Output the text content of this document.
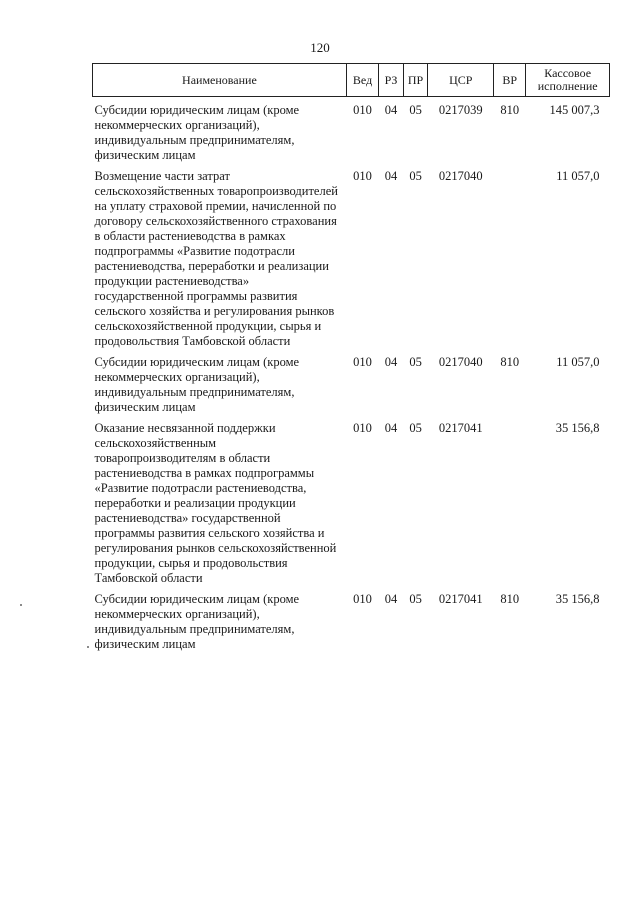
120
Наименование	Вед	РЗ	ПР	ЦСР	ВР	Кассовое исполнение

Субсидии юридическим лицам (кроме некоммерческих организаций), индивидуальным предпринимателям, физическим лицам	010	04	05	0217039	810	145 007,3

Возмещение части затрат сельскохозяйственных товаропроизводителей на уплату страховой премии, начисленной по договору сельскохозяйственного страхования в области растениеводства в рамках подпрограммы «Развитие подотрасли растениеводства, переработки и реализации продукции растениеводства» государственной программы развития сельского хозяйства и регулирования рынков сельскохозяйственной продукции, сырья и продовольствия Тамбовской области	010	04	05	0217040		11 057,0

Субсидии юридическим лицам (кроме некоммерческих организаций), индивидуальным предпринимателям, физическим лицам	010	04	05	0217040	810	11 057,0

Оказание несвязанной поддержки сельскохозяйственным товаропроизводителям в области растениеводства в рамках подпрограммы «Развитие подотрасли растениеводства, переработки и реализации продукции растениеводства» государственной программы развития сельского хозяйства и регулирования рынков сельскохозяйственной продукции, сырья и продовольствия Тамбовской области	010	04	05	0217041		35 156,8

Субсидии юридическим лицам (кроме некоммерческих организаций), индивидуальным предпринимателям, физическим лицам	010	04	05	0217041	810	35 156,8
